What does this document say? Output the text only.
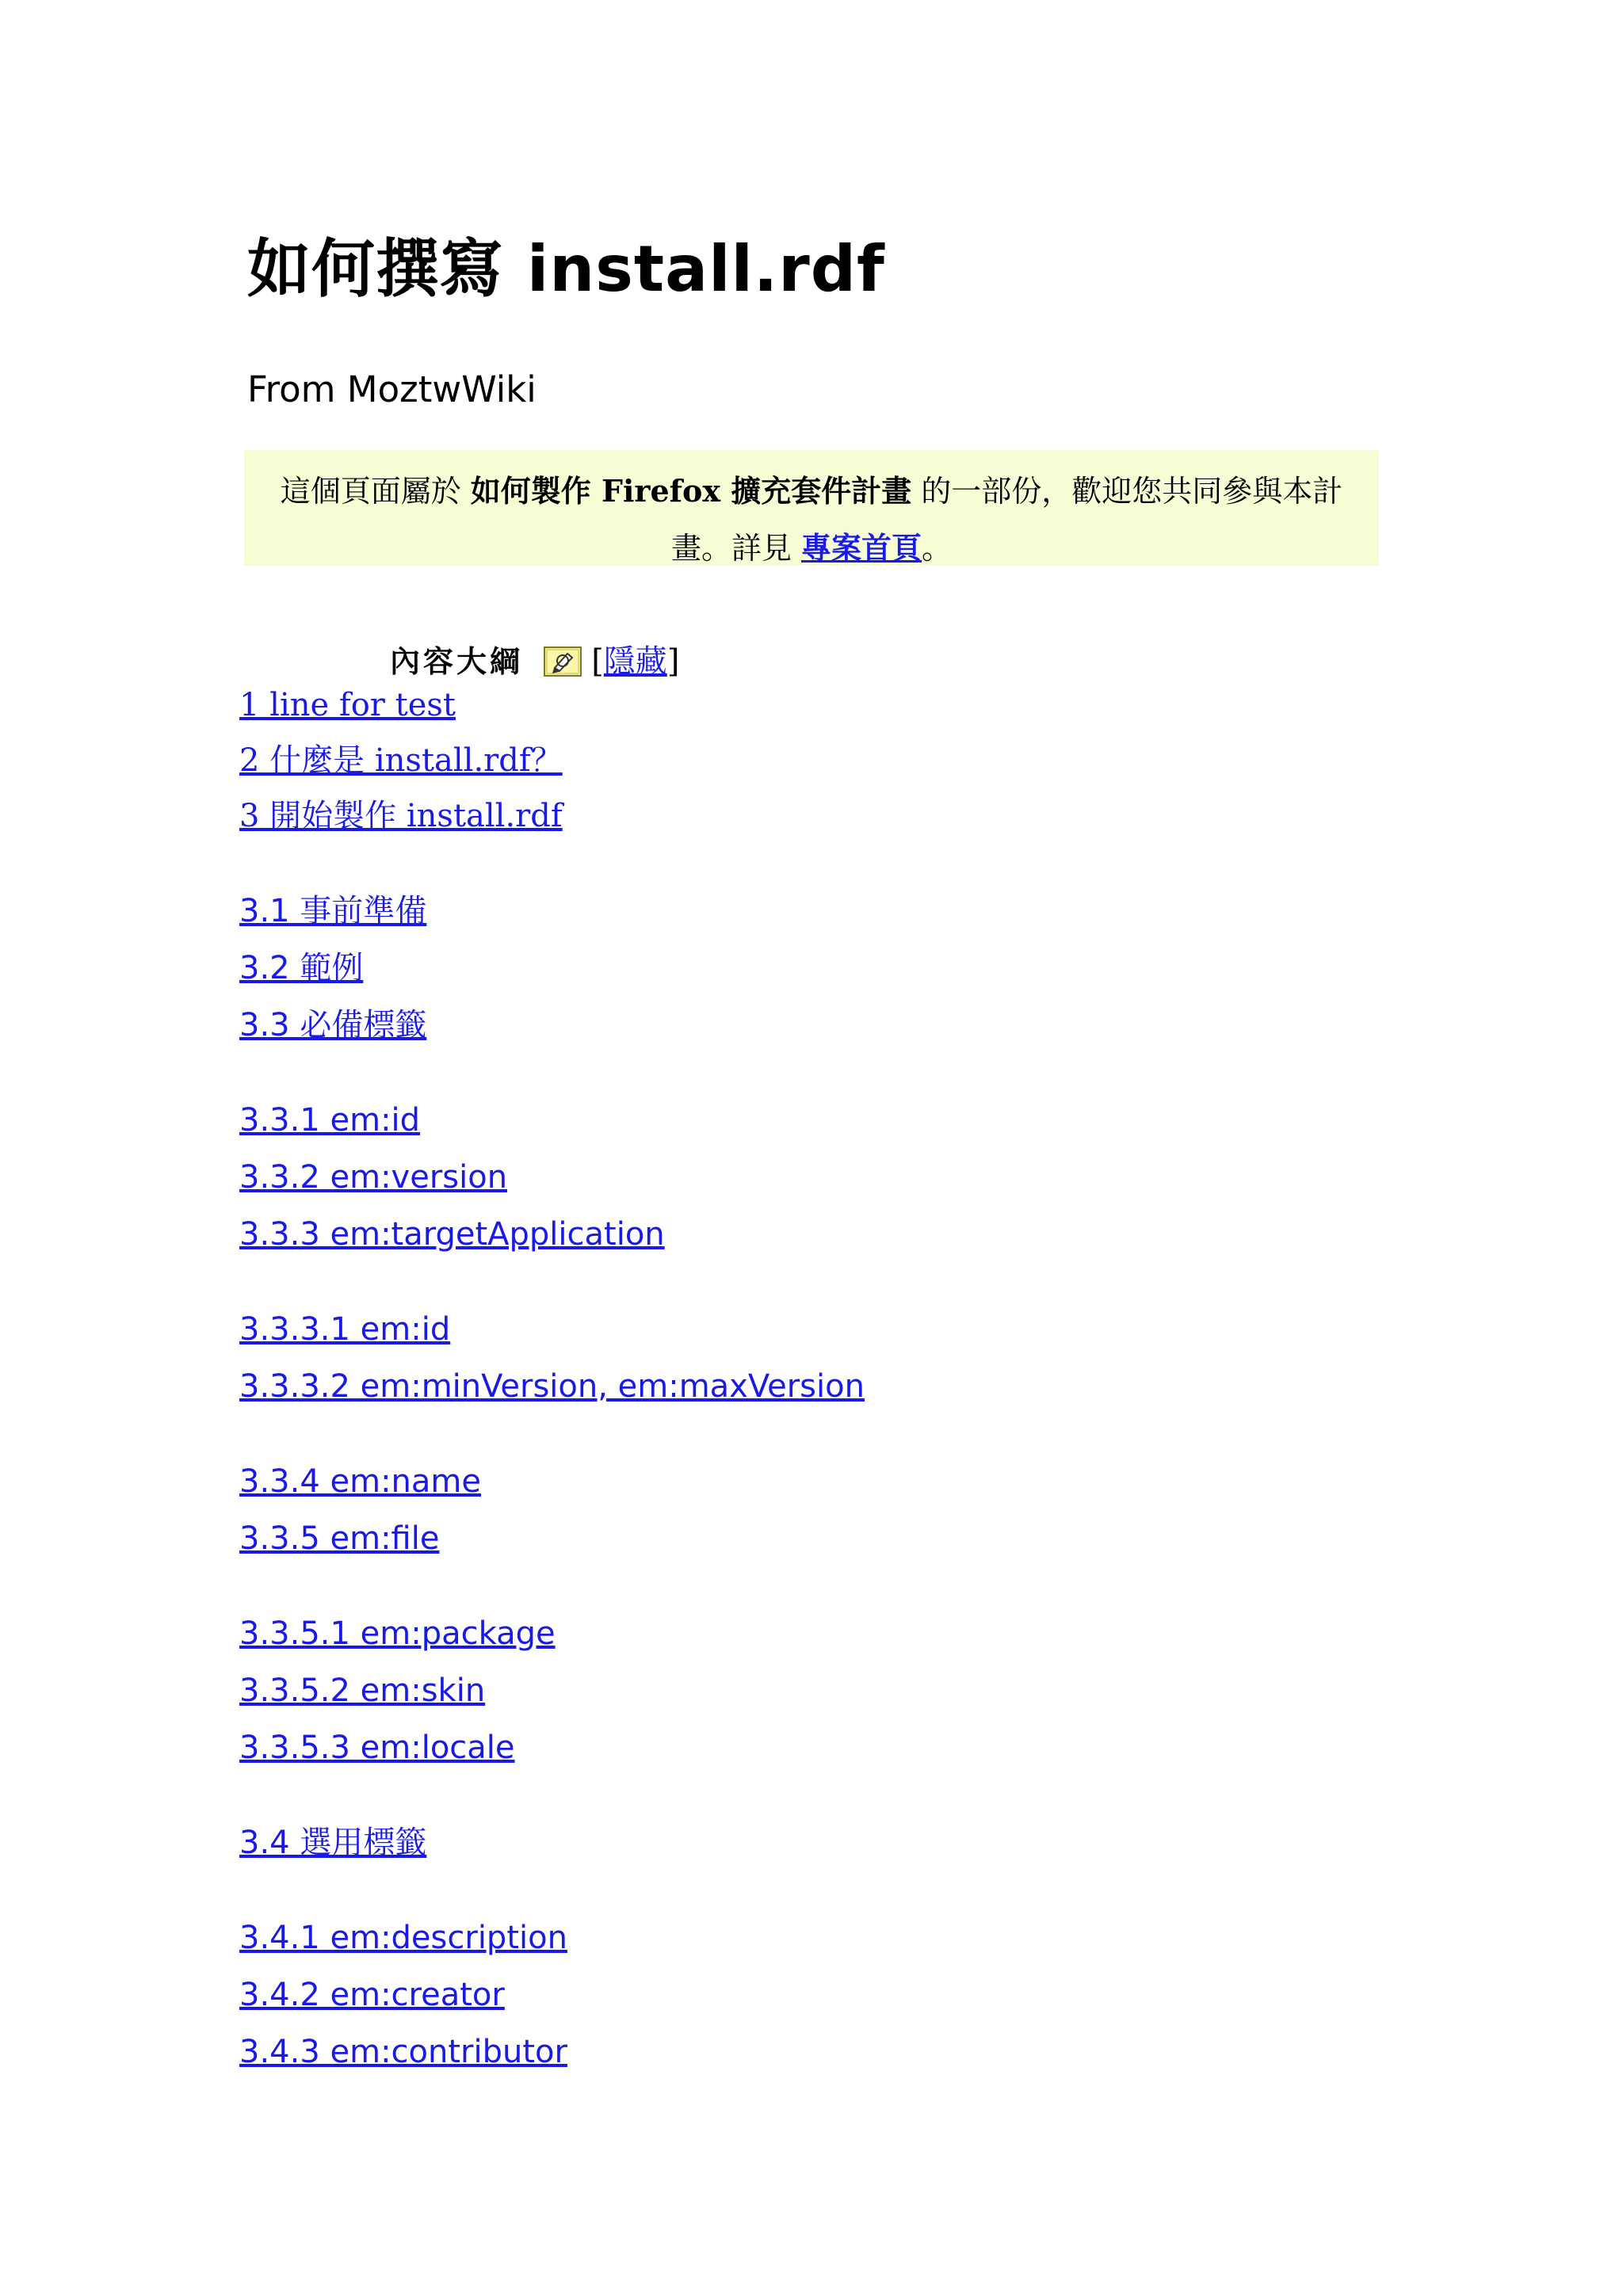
如何撰寫 install.rdf
From MoztwWiki
這個頁面屬於 如何製作 Firefox 擴充套件計畫 的一部份，歡迎您共同參與本計畫。詳見 專案首頁。
內容大綱 [隱藏]
1 line for test
2 什麼是 install.rdf？
3 開始製作 install.rdf
3.1 事前準備
3.2 範例
3.3 必備標籤
3.3.1 em:id
3.3.2 em:version
3.3.3 em:targetApplication
3.3.3.1 em:id
3.3.3.2 em:minVersion, em:maxVersion
3.3.4 em:name
3.3.5 em:file
3.3.5.1 em:package
3.3.5.2 em:skin
3.3.5.3 em:locale
3.4 選用標籤
3.4.1 em:description
3.4.2 em:creator
3.4.3 em:contributor
